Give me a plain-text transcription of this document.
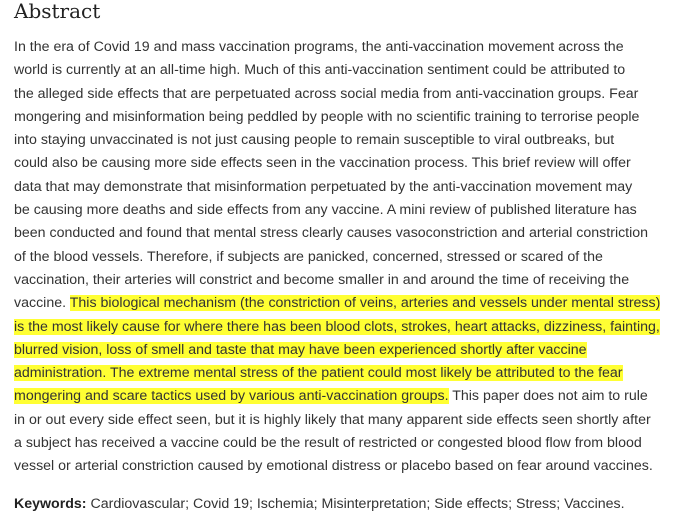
Abstract

In the era of Covid 19 and mass vaccination programs, the anti-vaccination movement across the
world is currently at an all-time high. Much of this anti-vaccination sentiment could be attributed to
the alleged side effects that are perpetuated across social media from anti-vaccination groups. Fear
mongering and misinformation being peddled by people with no scientific training to terrorise people
into staying unvaccinated is not just causing people to remain susceptible to viral outbreaks, but
could also be causing more side effects seen in the vaccination process. This brief review will offer
data that may demonstrate that misinformation perpetuated by the anti-vaccination movement may
be causing more deaths and side effects from any vaccine. A mini review of published literature has
been conducted and found that mental stress clearly causes vasoconstriction and arterial constriction
of the blood vessels. Therefore, if subjects are panicked, concerned, stressed or scared of the
vaccination, their arteries will constrict and become smaller in and around the time of receiving the
vaccine. This biological mechanism (the constriction of veins, arteries and vessels under mental stress)
is the most likely cause for where there has been blood clots, strokes, heart attacks, dizziness, fainting,
blurred vision, loss of smell and taste that may have been experienced shortly after vaccine
administration. The extreme mental stress of the patient could most likely be attributed to the fear
mongering and scare tactics used by various anti-vaccination groups. This paper does not aim to rule
in or out every side effect seen, but it is highly likely that many apparent side effects seen shortly after
a subject has received a vaccine could be the result of restricted or congested blood flow from blood
vessel or arterial constriction caused by emotional distress or placebo based on fear around vaccines.

Keywords: Cardiovascular; Covid 19; Ischemia; Misinterpretation; Side effects; Stress; Vaccines.
